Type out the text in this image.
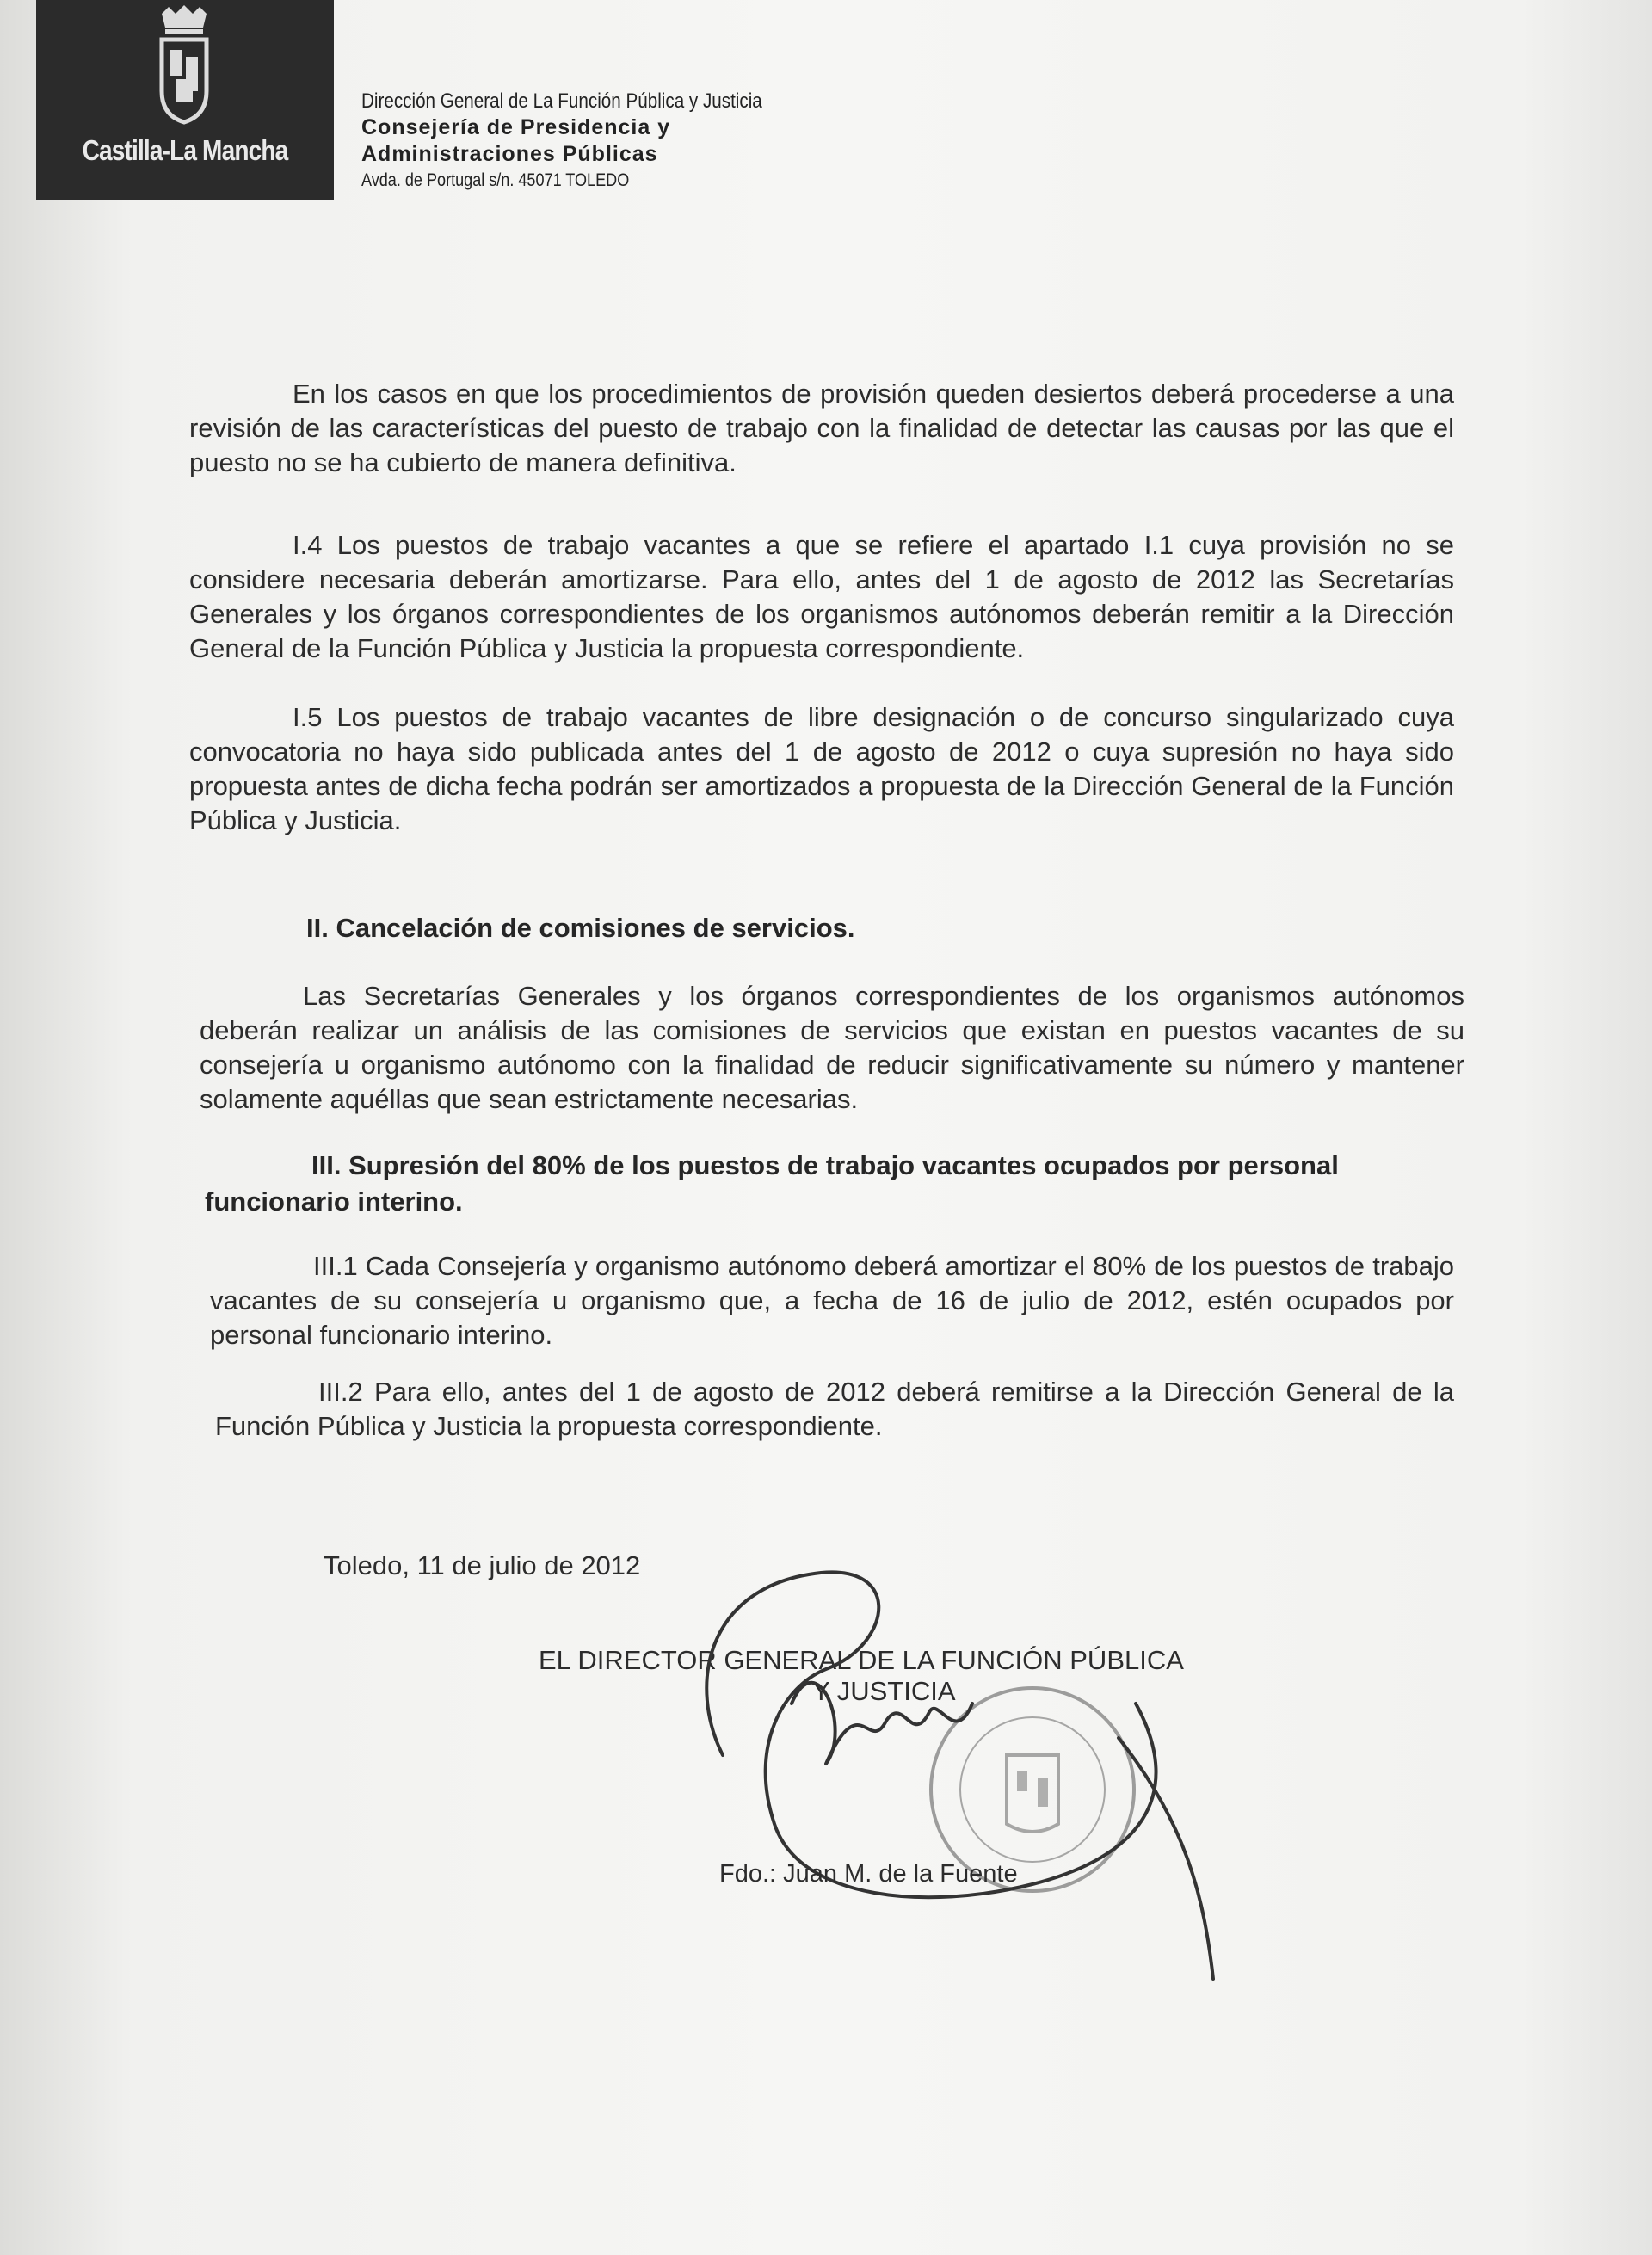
Castilla-La Mancha
Dirección General de La Función Pública y Justicia
Consejería de Presidencia y
Administraciones Públicas
Avda. de Portugal s/n. 45071 TOLEDO

En los casos en que los procedimientos de provisión queden desiertos deberá procederse a una revisión de las características del puesto de trabajo con la finalidad de detectar las causas por las que el puesto no se ha cubierto de manera definitiva.

I.4 Los puestos de trabajo vacantes a que se refiere el apartado I.1 cuya provisión no se considere necesaria deberán amortizarse. Para ello, antes del 1 de agosto de 2012 las Secretarías Generales y los órganos correspondientes de los organismos autónomos deberán remitir a la Dirección General de la Función Pública y Justicia la propuesta correspondiente.

I.5 Los puestos de trabajo vacantes de libre designación o de concurso singularizado cuya convocatoria no haya sido publicada antes del 1 de agosto de 2012 o cuya supresión no haya sido propuesta antes de dicha fecha podrán ser amortizados a propuesta de la Dirección General de la Función Pública y Justicia.

II. Cancelación de comisiones de servicios.

Las Secretarías Generales y los órganos correspondientes de los organismos autónomos deberán realizar un análisis de las comisiones de servicios que existan en puestos vacantes de su consejería u organismo autónomo con la finalidad de reducir significativamente su número y mantener solamente aquéllas que sean estrictamente necesarias.

III. Supresión del 80% de los puestos de trabajo vacantes ocupados por personal funcionario interino.

III.1 Cada Consejería y organismo autónomo deberá amortizar el 80% de los puestos de trabajo vacantes de su consejería u organismo que, a fecha de 16 de julio de 2012, estén ocupados por personal funcionario interino.

III.2 Para ello, antes del 1 de agosto de 2012 deberá remitirse a la Dirección General de la Función Pública y Justicia la propuesta correspondiente.

Toledo, 11 de julio de 2012
EL DIRECTOR GENERAL DE LA FUNCIÓN PÚBLICA
Y JUSTICIA
Fdo.: Juan M. de la Fuente
